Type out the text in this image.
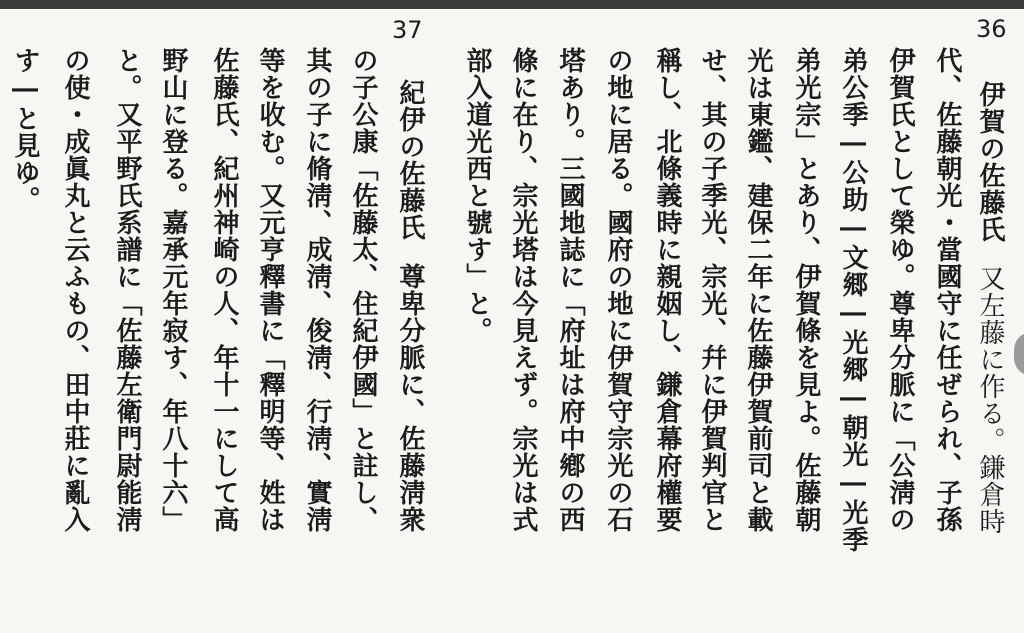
37	36
伊賀の佐藤氏又左藤に作る。鎌倉時
代、佐藤朝光・當國守に任ぜられ、子孫
伊賀氏として榮ゆ。尊卑分脈に「公淸の
弟公季―公助―文郷―光郷―朝光―光季
弟光宗」とあり、伊賀條を見よ。佐藤朝
光は東鑑、建保二年に佐藤伊賀前司と載
せ、其の子季光、宗光、幷に伊賀判官と
稱し、北條義時に親姻し、鎌倉幕府權要
の地に居る。國府の地に伊賀守宗光の石
塔あり。三國地誌に「府址は府中鄕の西
條に在り、宗光塔は今見えず。宗光は式
部入道光西と號す」と。
紀伊の佐藤氏尊卑分脈に、佐藤淸衆
の子公康「佐藤太、住紀伊國」と註し、
其の子に脩淸、成淸、俊淸、行淸、實淸
等を收む。又元亨釋書に「釋明等、姓は
佐藤氏、紀州神崎の人、年十一にして高
野山に登る。嘉承元年寂す、年八十六」
と。又平野氏系譜に「佐藤左衛門尉能淸
の使・成眞丸と云ふもの、田中莊に亂入
す―と見ゆ。
